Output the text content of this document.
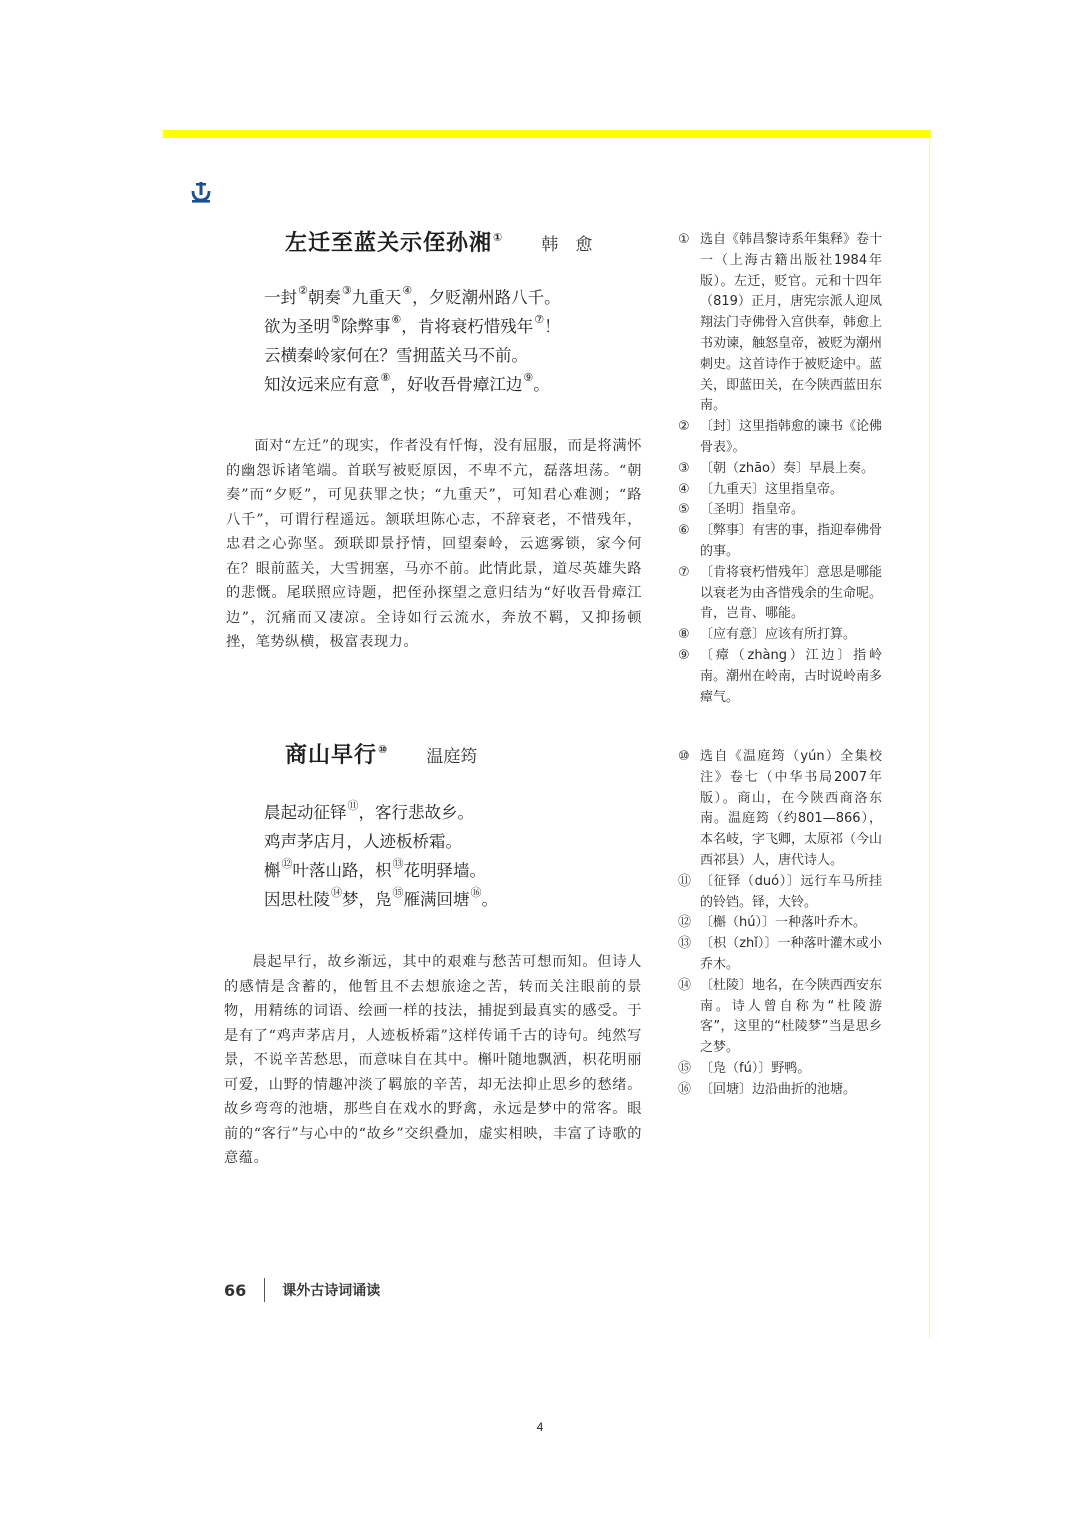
左迁至蓝关示侄孙湘① 韩　愈

一封②朝奏③九重天④，夕贬潮州路八千。

欲为圣明⑤除弊事⑥，肯将衰朽惜残年⑦！

云横秦岭家何在？雪拥蓝关马不前。

知汝远来应有意⑧，好收吾骨瘴江边⑨。

面对“左迁”的现实，作者没有忏悔，没有屈服，而是将满怀的幽怨诉诸笔端。首联写被贬原因，不卑不亢，磊落坦荡。“朝奏”而“夕贬”，可见获罪之快；“九重天”，可知君心难测；“路八千”，可谓行程遥远。颔联坦陈心志，不辞衰老，不惜残年，忠君之心弥坚。颈联即景抒情，回望秦岭，云遮雾锁，家今何在？眼前蓝关，大雪拥塞，马亦不前。此情此景，道尽英雄失路的悲慨。尾联照应诗题，把侄孙探望之意归结为“好收吾骨瘴江边”，沉痛而又凄凉。全诗如行云流水，奔放不羁，又抑扬顿挫，笔势纵横，极富表现力。

商山早行⑩ 温庭筠

晨起动征铎⑪，客行悲故乡。

鸡声茅店月，人迹板桥霜。

槲⑫叶落山路，枳⑬花明驿墙。

因思杜陵⑭梦，凫⑮雁满回塘⑯。

晨起早行，故乡渐远，其中的艰难与愁苦可想而知。但诗人的感情是含蓄的，他暂且不去想旅途之苦，转而关注眼前的景物，用精练的词语、绘画一样的技法，捕捉到最真实的感受。于是有了“鸡声茅店月，人迹板桥霜”这样传诵千古的诗句。纯然写景，不说辛苦愁思，而意味自在其中。槲叶随地飘洒，枳花明丽可爱，山野的情趣冲淡了羁旅的辛苦，却无法抑止思乡的愁绪。故乡弯弯的池塘，那些自在戏水的野禽，永远是梦中的常客。眼前的“客行”与心中的“故乡”交织叠加，虚实相映，丰富了诗歌的意蕴。

① 选自《韩昌黎诗系年集释》卷十一（上海古籍出版社1984年版）。左迁，贬官。元和十四年（819）正月，唐宪宗派人迎凤翔法门寺佛骨入宫供奉，韩愈上书劝谏，触怒皇帝，被贬为潮州刺史。这首诗作于被贬途中。蓝关，即蓝田关，在今陕西蓝田东南。
② 〔封〕这里指韩愈的谏书《论佛骨表》。
③ 〔朝（zhāo）奏〕早晨上奏。
④ 〔九重天〕这里指皇帝。
⑤ 〔圣明〕指皇帝。
⑥ 〔弊事〕有害的事，指迎奉佛骨的事。
⑦ 〔肯将衰朽惜残年〕意思是哪能以衰老为由吝惜残余的生命呢。肯，岂肯、哪能。
⑧ 〔应有意〕应该有所打算。
⑨ 〔瘴（zhàng）江边〕指岭南。潮州在岭南，古时说岭南多瘴气。
⑩ 选自《温庭筠（yún）全集校注》卷七（中华书局2007年版）。商山，在今陕西商洛东南。温庭筠（约801—866），本名岐，字飞卿，太原祁（今山西祁县）人，唐代诗人。
⑪ 〔征铎（duó）〕远行车马所挂的铃铛。铎，大铃。
⑫ 〔槲（hú）〕一种落叶乔木。
⑬ 〔枳（zhǐ）〕一种落叶灌木或小乔木。
⑭ 〔杜陵〕地名，在今陕西西安东南。诗人曾自称为“杜陵游客”，这里的“杜陵梦”当是思乡之梦。
⑮ 〔凫（fú）〕野鸭。
⑯ 〔回塘〕边沿曲折的池塘。
66	课外古诗词诵读
4
